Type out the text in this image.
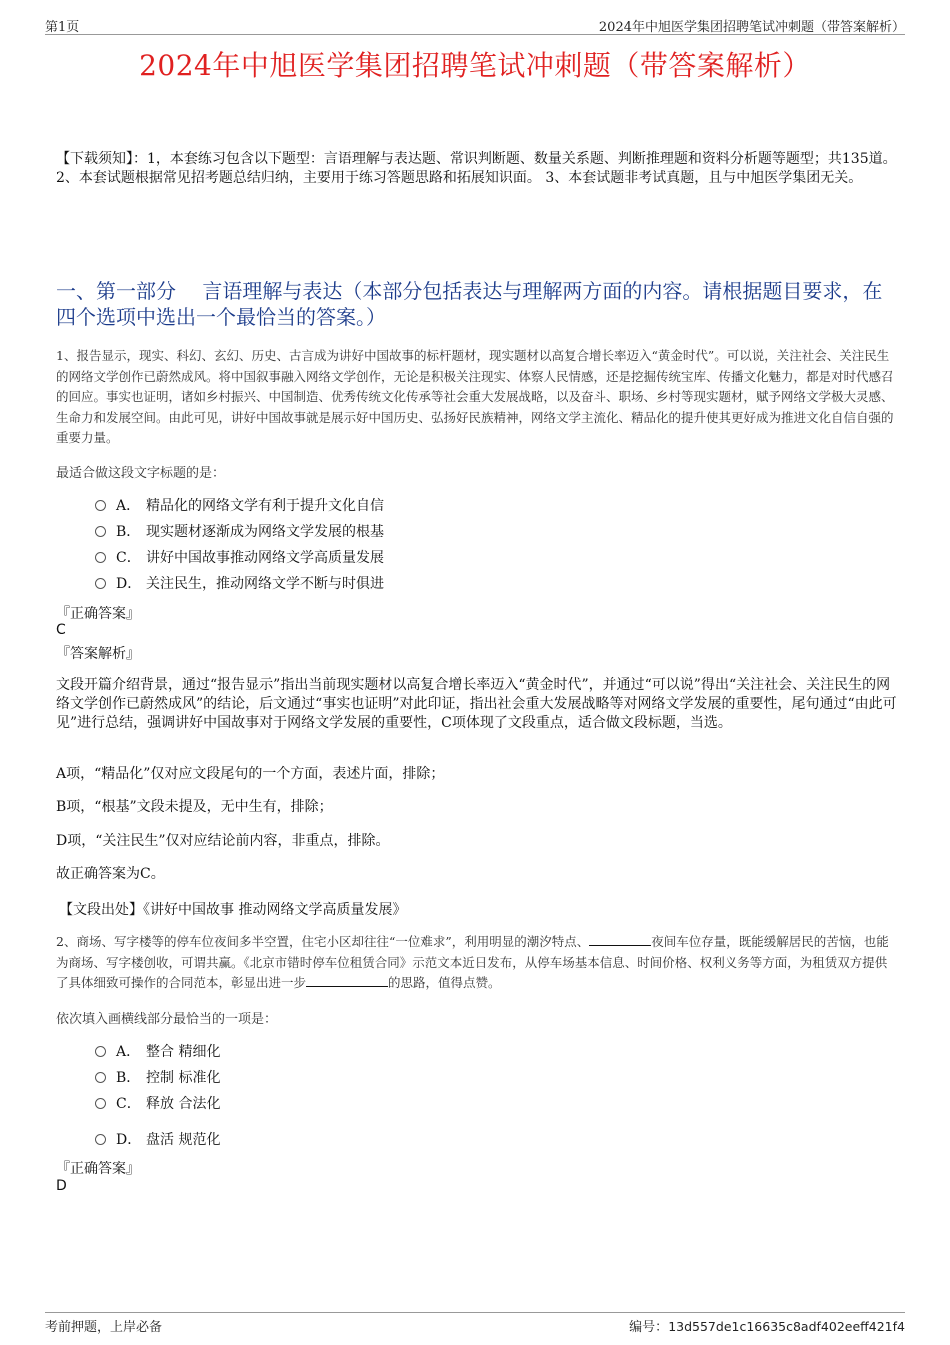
第1页	2024年中旭医学集团招聘笔试冲刺题（带答案解析）
2024年中旭医学集团招聘笔试冲刺题（带答案解析）
【下载须知】：1，本套练习包含以下题型：言语理解与表达题、常识判断题、数量关系题、判断推理题和资料分析题等题型；共135道。 2、本套试题根据常见招考题总结归纳，主要用于练习答题思路和拓展知识面。 3、本套试题非考试真题，且与中旭医学集团无关。
一、第一部分　 言语理解与表达（本部分包括表达与理解两方面的内容。请根据题目要求，在四个选项中选出一个最恰当的答案。）
1、报告显示，现实、科幻、玄幻、历史、古言成为讲好中国故事的标杆题材，现实题材以高复合增长率迈入“黄金时代”。可以说，关注社会、关注民生的网络文学创作已蔚然成风。将中国叙事融入网络文学创作，无论是积极关注现实、体察人民情感，还是挖掘传统宝库、传播文化魅力，都是对时代感召的回应。事实也证明，诸如乡村振兴、中国制造、优秀传统文化传承等社会重大发展战略，以及奋斗、职场、乡村等现实题材，赋予网络文学极大灵感、生命力和发展空间。由此可见，讲好中国故事就是展示好中国历史、弘扬好民族精神，网络文学主流化、精品化的提升使其更好成为推进文化自信自强的重要力量。
最适合做这段文字标题的是：
A． 精品化的网络文学有利于提升文化自信
B． 现实题材逐渐成为网络文学发展的根基
C． 讲好中国故事推动网络文学高质量发展
D． 关注民生，推动网络文学不断与时俱进
『正确答案』
C
『答案解析』
文段开篇介绍背景，通过“报告显示”指出当前现实题材以高复合增长率迈入“黄金时代”，并通过“可以说”得出“关注社会、关注民生的网络文学创作已蔚然成风”的结论，后文通过“事实也证明”对此印证，指出社会重大发展战略等对网络文学发展的重要性，尾句通过“由此可见”进行总结，强调讲好中国故事对于网络文学发展的重要性，C项体现了文段重点，适合做文段标题，当选。
A项，“精品化”仅对应文段尾句的一个方面，表述片面，排除；
B项，“根基”文段未提及，无中生有，排除；
D项，“关注民生”仅对应结论前内容，非重点，排除。
故正确答案为C。
【文段出处】《讲好中国故事 推动网络文学高质量发展》
2、商场、写字楼等的停车位夜间多半空置，住宅小区却往往“一位难求”，利用明显的潮汐特点、	夜间车位存量，既能缓解居民的苦恼，也能为商场、写字楼创收，可谓共赢。《北京市错时停车位租赁合同》示范文本近日发布，从停车场基本信息、时间价格、权利义务等方面，为租赁双方提供了具体细致可操作的合同范本，彰显出进一步	的思路，值得点赞。
依次填入画横线部分最恰当的一项是：
A． 整合 精细化
B． 控制 标准化
C． 释放 合法化
D． 盘活 规范化
『正确答案』
D
考前押题，上岸必备	编号：13d557de1c16635c8adf402eeff421f4
